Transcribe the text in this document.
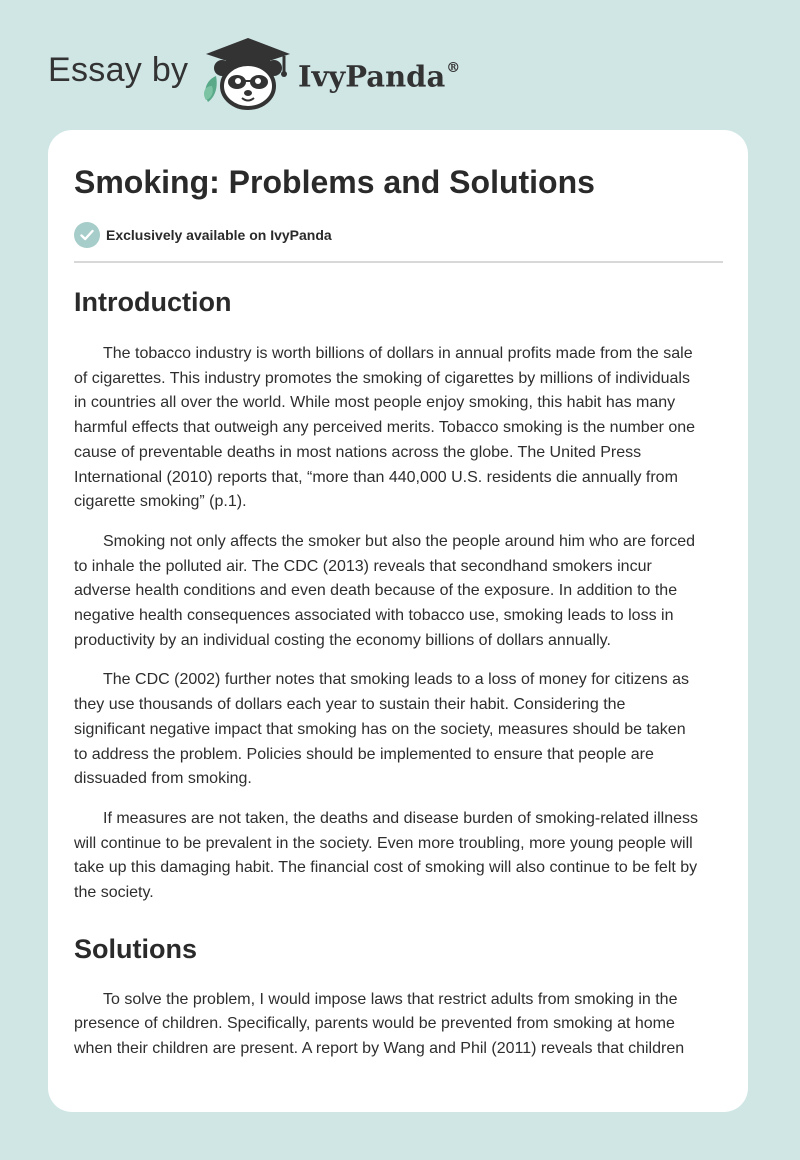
Essay by	IvyPanda®
Smoking: Problems and Solutions
Exclusively available on IvyPanda
Introduction

The tobacco industry is worth billions of dollars in annual profits made from the sale
of cigarettes. This industry promotes the smoking of cigarettes by millions of individuals
in countries all over the world. While most people enjoy smoking, this habit has many
harmful effects that outweigh any perceived merits. Tobacco smoking is the number one
cause of preventable deaths in most nations across the globe. The United Press
International (2010) reports that, “more than 440,000 U.S. residents die annually from
cigarette smoking” (p.1).

Smoking not only affects the smoker but also the people around him who are forced
to inhale the polluted air. The CDC (2013) reveals that secondhand smokers incur
adverse health conditions and even death because of the exposure. In addition to the
negative health consequences associated with tobacco use, smoking leads to loss in
productivity by an individual costing the economy billions of dollars annually.

The CDC (2002) further notes that smoking leads to a loss of money for citizens as
they use thousands of dollars each year to sustain their habit. Considering the
significant negative impact that smoking has on the society, measures should be taken
to address the problem. Policies should be implemented to ensure that people are
dissuaded from smoking.

If measures are not taken, the deaths and disease burden of smoking-related illness
will continue to be prevalent in the society. Even more troubling, more young people will
take up this damaging habit. The financial cost of smoking will also continue to be felt by
the society.

Solutions

To solve the problem, I would impose laws that restrict adults from smoking in the
presence of children. Specifically, parents would be prevented from smoking at home
when their children are present. A report by Wang and Phil (2011) reveals that children
